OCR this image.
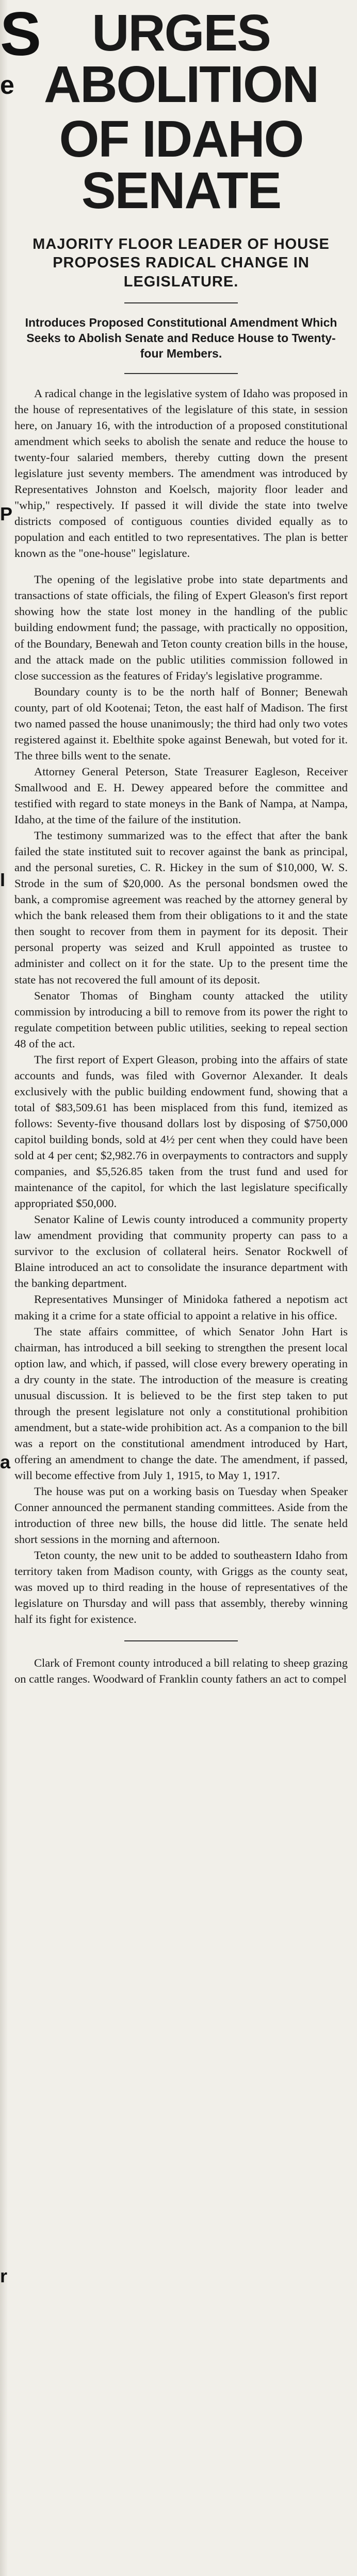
S
e
P
I
a
r
URGES ABOLITION
OF IDAHO SENATE
MAJORITY FLOOR LEADER OF HOUSE PROPOSES RADICAL CHANGE IN LEGISLATURE.
Introduces Proposed Constitutional Amendment Which Seeks to Abolish Senate and Reduce House to Twenty-four Members.

A radical change in the legislative system of Idaho was proposed in the house of representatives of the legislature of this state, in session here, on January 16, with the introduction of a proposed constitutional amendment which seeks to abolish the senate and reduce the house to twenty-four salaried members, thereby cutting down the present legislature just seventy members. The amendment was introduced by Representatives Johnston and Koelsch, majority floor leader and "whip," respectively. If passed it will divide the state into twelve districts composed of contiguous counties divided equally as to population and each entitled to two representatives. The plan is better known as the "one-house" legislature.

The opening of the legislative probe into state departments and transactions of state officials, the filing of Expert Gleason's first report showing how the state lost money in the handling of the public building endowment fund; the passage, with practically no opposition, of the Boundary, Benewah and Teton county creation bills in the house, and the attack made on the public utilities commission followed in close succession as the features of Friday's legislative programme.

Boundary county is to be the north half of Bonner; Benewah county, part of old Kootenai; Teton, the east half of Madison. The first two named passed the house unanimously; the third had only two votes registered against it. Ebelthite spoke against Benewah, but voted for it. The three bills went to the senate.

Attorney General Peterson, State Treasurer Eagleson, Receiver Smallwood and E. H. Dewey appeared before the committee and testified with regard to state moneys in the Bank of Nampa, at Nampa, Idaho, at the time of the failure of the institution.

The testimony summarized was to the effect that after the bank failed the state instituted suit to recover against the bank as principal, and the personal sureties, C. R. Hickey in the sum of $10,000, W. S. Strode in the sum of $20,000. As the personal bondsmen owed the bank, a compromise agreement was reached by the attorney general by which the bank released them from their obligations to it and the state then sought to recover from them in payment for its deposit. Their personal property was seized and Krull appointed as trustee to administer and collect on it for the state. Up to the present time the state has not recovered the full amount of its deposit.

Senator Thomas of Bingham county attacked the utility commission by introducing a bill to remove from its power the right to regulate competition between public utilities, seeking to repeal section 48 of the act.

The first report of Expert Gleason, probing into the affairs of state accounts and funds, was filed with Governor Alexander. It deals exclusively with the public building endowment fund, showing that a total of $83,509.61 has been misplaced from this fund, itemized as follows: Seventy-five thousand dollars lost by disposing of $750,000 capitol building bonds, sold at 4½ per cent when they could have been sold at 4 per cent; $2,982.76 in overpayments to contractors and supply companies, and $5,526.85 taken from the trust fund and used for maintenance of the capitol, for which the last legislature specifically appropriated $50,000.

Senator Kaline of Lewis county introduced a community property law amendment providing that community property can pass to a survivor to the exclusion of collateral heirs. Senator Rockwell of Blaine introduced an act to consolidate the insurance department with the banking department.

Representatives Munsinger of Minidoka fathered a nepotism act making it a crime for a state official to appoint a relative in his office.

The state affairs committee, of which Senator John Hart is chairman, has introduced a bill seeking to strengthen the present local option law, and which, if passed, will close every brewery operating in a dry county in the state. The introduction of the measure is creating unusual discussion. It is believed to be the first step taken to put through the present legislature not only a constitutional prohibition amendment, but a state-wide prohibition act. As a companion to the bill was a report on the constitutional amendment introduced by Hart, offering an amendment to change the date. The amendment, if passed, will become effective from July 1, 1915, to May 1, 1917.

The house was put on a working basis on Tuesday when Speaker Conner announced the permanent standing committees. Aside from the introduction of three new bills, the house did little. The senate held short sessions in the morning and afternoon.

Teton county, the new unit to be added to southeastern Idaho from territory taken from Madison county, with Griggs as the county seat, was moved up to third reading in the house of representatives of the legislature on Thursday and will pass that assembly, thereby winning half its fight for existence.

Clark of Fremont county introduced a bill relating to sheep grazing on cattle ranges. Woodward of Franklin county fathers an act to compel
